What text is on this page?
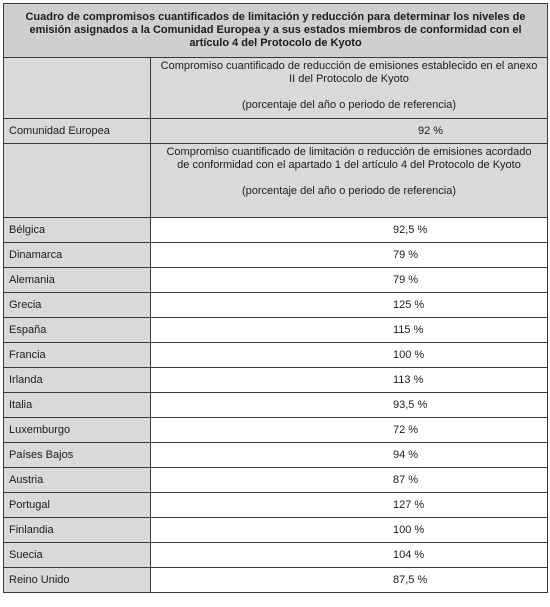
Cuadro de compromisos cuantificados de limitación y reducción para determinar los niveles de emisión asignados a la Comunidad Europea y a sus estados miembros de conformidad con el artículo 4 del Protocolo de Kyoto	
	Compromiso cuantificado de reducción de emisiones establecido en el anexo II del Protocolo de Kyoto
(porcentaje del año o periodo de referencia)

Comunidad Europea	92 %
	Compromiso cuantificado de limitación o reducción de emisiones acordado de conformidad con el apartado 1 del artículo 4 del Protocolo de Kyoto
(porcentaje del año o periodo de referencia)

Bélgica	92,5 %
Dinamarca	79 %
Alemania	79 %
Grecia	125 %
España	115 %
Francia	100 %
Irlanda	113 %
Italia	93,5 %
Luxemburgo	72 %
Países Bajos	94 %
Austria	87 %
Portugal	127 %
Finlandia	100 %
Suecia	104 %
Reino Unido	87,5 %
